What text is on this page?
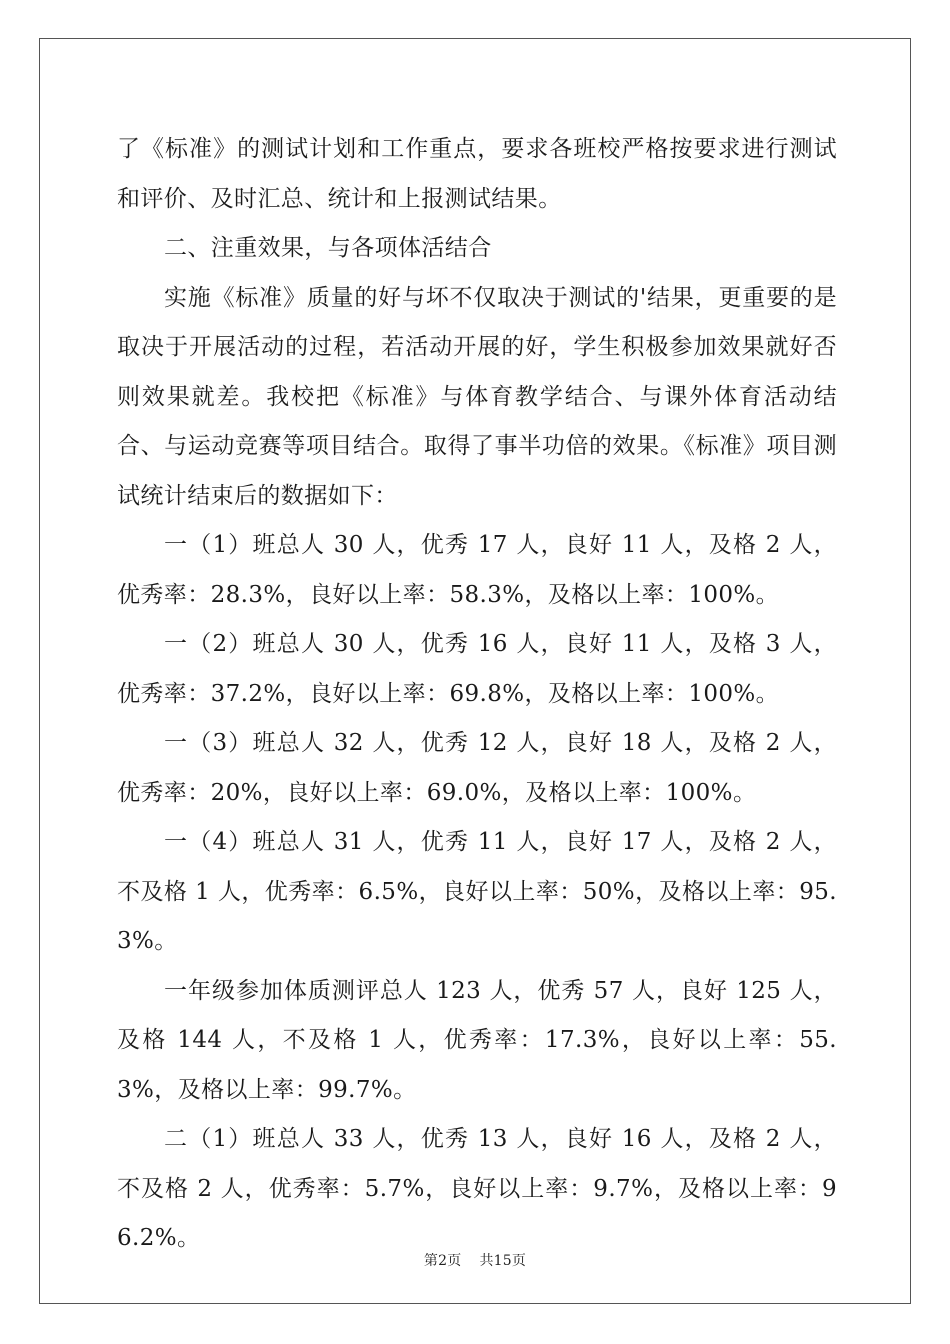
了《标准》的测试计划和工作重点，要求各班校严格按要求进行测试和评价、及时汇总、统计和上报测试结果。

二、注重效果，与各项体活结合

实施《标准》质量的好与坏不仅取决于测试的'结果，更重要的是取决于开展活动的过程，若活动开展的好，学生积极参加效果就好否则效果就差。我校把《标准》与体育教学结合、与课外体育活动结合、与运动竞赛等项目结合。取得了事半功倍的效果。《标准》项目测试统计结束后的数据如下：

一（1）班总人 30 人，优秀 17 人，良好 11 人，及格 2 人，优秀率：28.3%，良好以上率：58.3%，及格以上率：100%。

一（2）班总人 30 人，优秀 16 人，良好 11 人，及格 3 人，优秀率：37.2%，良好以上率：69.8%，及格以上率：100%。

一（3）班总人 32 人，优秀 12 人，良好 18 人，及格 2 人，优秀率：20%，良好以上率：69.0%，及格以上率：100%。

一（4）班总人 31 人，优秀 11 人，良好 17 人，及格 2 人，不及格 1 人，优秀率：6.5%，良好以上率：50%，及格以上率：95.3%。

一年级参加体质测评总人 123 人，优秀 57 人，良好 125 人，及格 144 人，不及格 1 人，优秀率：17.3%，良好以上率：55.3%，及格以上率：99.7%。

二（1）班总人 33 人，优秀 13 人，良好 16 人，及格 2 人，不及格 2 人，优秀率：5.7%，良好以上率：9.7%，及格以上率：96.2%。

第2页 共15页
